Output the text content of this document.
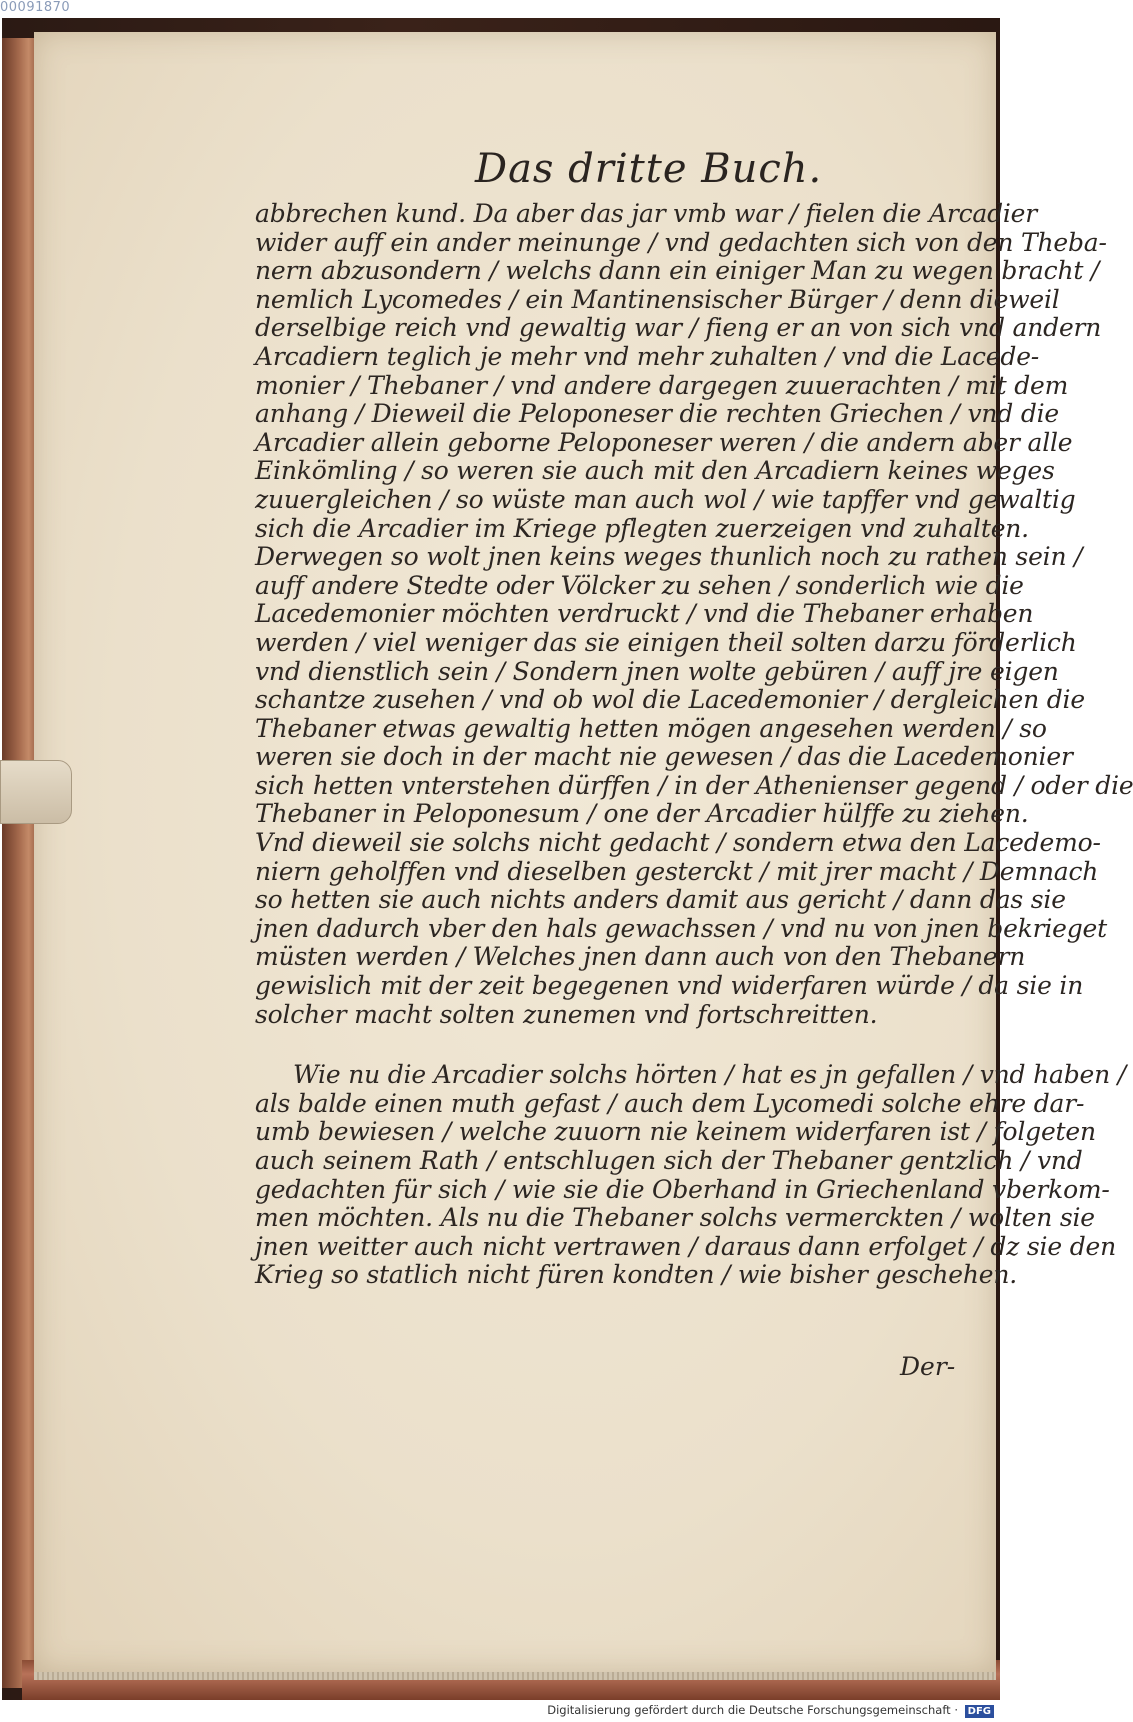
00091870
Das dritte Buch.
abbrechen kund. Da aber das jar vmb war / fielen die Arcadier
wider auff ein ander meinunge / vnd gedachten sich von den Theba-
nern abzusondern / welchs dann ein einiger Man zu wegen bracht /
nemlich Lycomedes / ein Mantinensischer Bürger / denn dieweil
derselbige reich vnd gewaltig war / fieng er an von sich vnd andern
Arcadiern teglich je mehr vnd mehr zuhalten / vnd die Lacede-
monier / Thebaner / vnd andere dargegen zuuerachten / mit dem
anhang / Dieweil die Peloponeser die rechten Griechen / vnd die
Arcadier allein geborne Peloponeser weren / die andern aber alle
Einkömling / so weren sie auch mit den Arcadiern keines weges
zuuergleichen / so wüste man auch wol / wie tapffer vnd gewaltig
sich die Arcadier im Kriege pflegten zuerzeigen vnd zuhalten.
Derwegen so wolt jnen keins weges thunlich noch zu rathen sein /
auff andere Stedte oder Völcker zu sehen / sonderlich wie die
Lacedemonier möchten verdruckt / vnd die Thebaner erhaben
werden / viel weniger das sie einigen theil solten darzu förderlich
vnd dienstlich sein / Sondern jnen wolte gebüren / auff jre eigen
schantze zusehen / vnd ob wol die Lacedemonier / dergleichen die
Thebaner etwas gewaltig hetten mögen angesehen werden / so
weren sie doch in der macht nie gewesen / das die Lacedemonier
sich hetten vnterstehen dürffen / in der Athenienser gegend / oder die
Thebaner in Peloponesum / one der Arcadier hülffe zu ziehen.
Vnd dieweil sie solchs nicht gedacht / sondern etwa den Lacedemo-
niern geholffen vnd dieselben gesterckt / mit jrer macht / Demnach
so hetten sie auch nichts anders damit aus gericht / dann das sie
jnen dadurch vber den hals gewachssen / vnd nu von jnen bekrieget
müsten werden / Welches jnen dann auch von den Thebanern
gewislich mit der zeit begegenen vnd widerfaren würde / da sie in
solcher macht solten zunemen vnd fortschreitten.
Wie nu die Arcadier solchs hörten / hat es jn gefallen / vnd haben /
als balde einen muth gefast / auch dem Lycomedi solche ehre dar-
umb bewiesen / welche zuuorn nie keinem widerfaren ist / folgeten
auch seinem Rath / entschlugen sich der Thebaner gentzlich / vnd
gedachten für sich / wie sie die Oberhand in Griechenland vberkom-
men möchten. Als nu die Thebaner solchs vermerckten / wolten sie
jnen weitter auch nicht vertrawen / daraus dann erfolget / dz sie den
Krieg so statlich nicht füren kondten / wie bisher geschehen.
Der-
Digitalisierung gefördert durch die Deutsche Forschungsgemeinschaft · DFG
